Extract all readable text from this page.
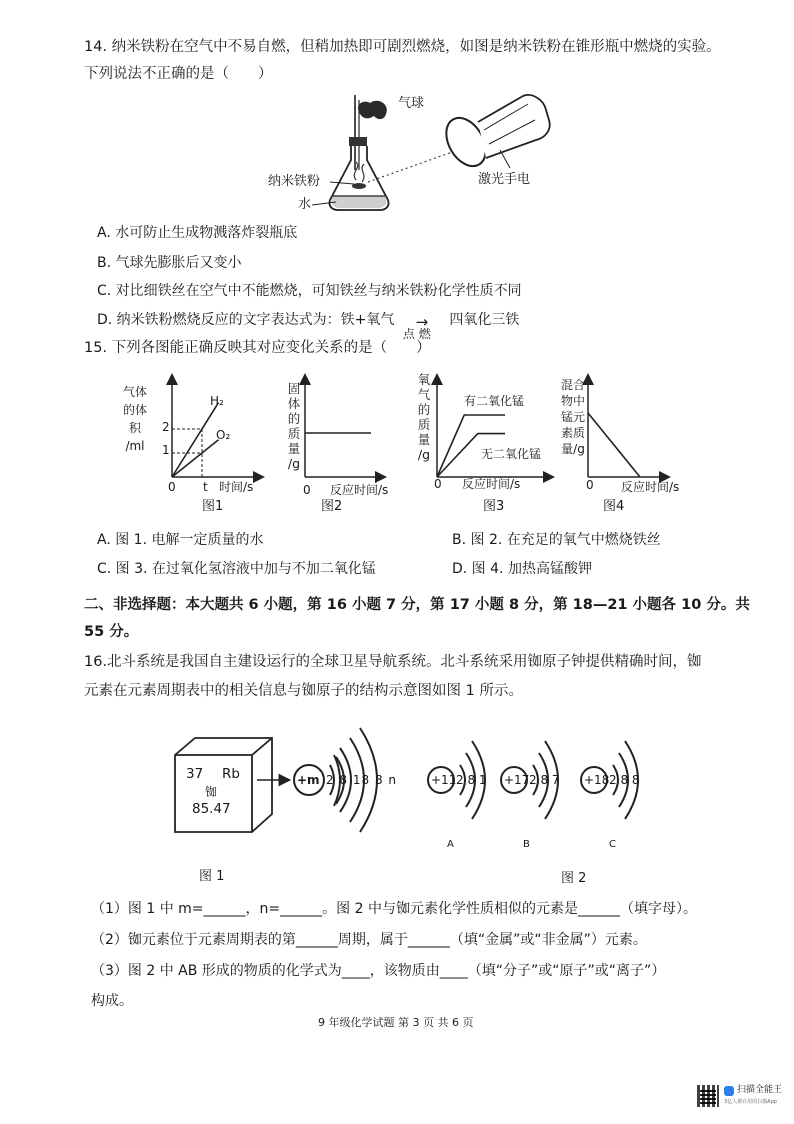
14. 纳米铁粉在空气中不易自燃，但稍加热即可剧烈燃烧，如图是纳米铁粉在锥形瓶中燃烧的实验。
下列说法不正确的是（　　）
气球
纳米铁粉
水
激光手电
A. 水可防止生成物溅落炸裂瓶底
B. 气球先膨胀后又变小
C. 对比细铁丝在空气中不能燃烧，可知铁丝与纳米铁粉化学性质不同
D. 纳米铁粉燃烧反应的文字表达式为：铁+氧气	→
点 燃
四氧化三铁
15. 下列各图能正确反映其对应变化关系的是（　　）
气体
的体
积
/ml
2
1
0 t 时间/s
H₂
O₂
图1
固
体
的
质
量
/g
0 反应时间/s
图2
氧
气
的
质
量
/g
0 反应时间/s
有二氧化锰
无二氧化锰
图3
混合
物中
锰元
素质
量/g
0 反应时间/s
图4
A. 图 1. 电解一定质量的水	B. 图 2. 在充足的氧气中燃烧铁丝
C. 图 3. 在过氧化氢溶液中加与不加二氧化锰	D. 图 4. 加热高锰酸钾
二、非选择题：本大题共 6 小题，第 16 小题 7 分，第 17 小题 8 分，第 18—21 小题各 10 分。共
55 分。
16.北斗系统是我国自主建设运行的全球卫星导航系统。北斗系统采用铷原子钟提供精确时间，铷
元素在元素周期表中的相关信息与铷原子的结构示意图如图 1 所示。
37 Rb
铷
85.47
+m 2 8 18 8 n	+11 2 8 1
A
+17 2 8 7
B
+18 2 8 8
C
图 1	图 2
（1）图 1 中 m=______，n=______。图 2 中与铷元素化学性质相似的元素是______（填字母）。
（2）铷元素位于元素周期表的第______周期，属于______（填“金属”或“非金属”）元素。
（3）图 2 中 AB 形成的物质的化学式为____，该物质由____（填“分子”或“原子”或“离子”）
构成。
9 年级化学试题 第 3 页 共 6 页
扫描全能王
3亿人都在用的扫描App
